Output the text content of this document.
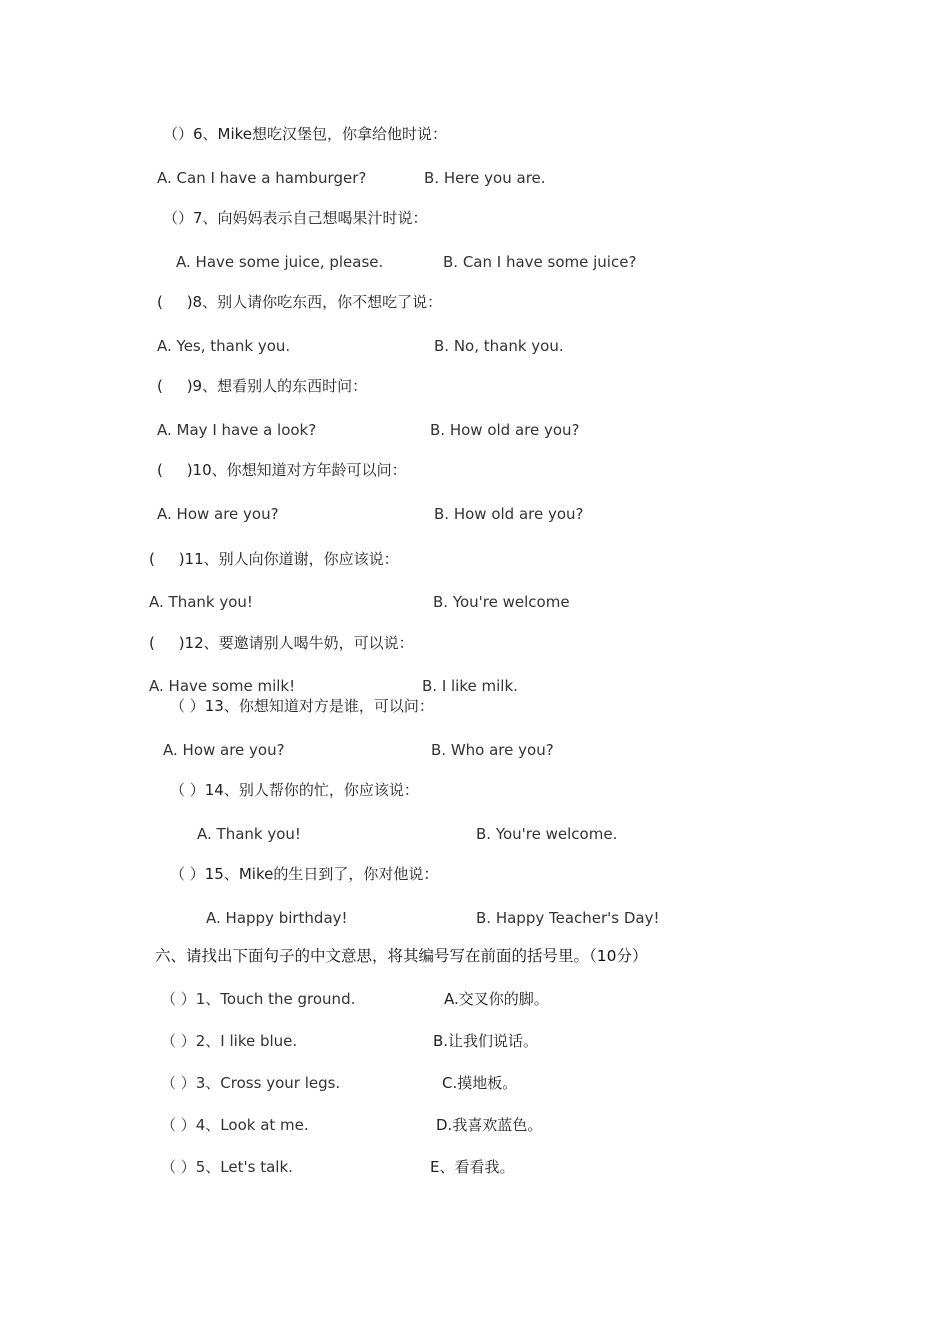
（）6、Mike想吃汉堡包，你拿给他时说：
A. Can I have a hamburger?	B. Here you are.
（）7、向妈妈表示自己想喝果汁时说：
A. Have some juice, please.	B. Can I have some juice?
(     )8、别人请你吃东西，你不想吃了说：
A. Yes, thank you.	B. No, thank you.
(     )9、想看别人的东西时问：
A. May I have a look?	B. How old are you?
(     )10、你想知道对方年龄可以问：
A. How are you?	B. How old are you?
(     )11、别人向你道谢，你应该说：
A. Thank you!	B. You're welcome
(     )12、要邀请别人喝牛奶，可以说：
A. Have some milk!	B. I like milk.
（ ）13、你想知道对方是谁，可以问：
A. How are you?	B. Who are you?
（ ）14、别人帮你的忙，你应该说：
A. Thank you!	B. You're welcome.
（ ）15、Mike的生日到了，你对他说：
A. Happy birthday!	B. Happy Teacher's Day!
六、请找出下面句子的中文意思，将其编号写在前面的括号里。（10分）
（ ）1、Touch the ground.	A.交叉你的脚。
（ ）2、I like blue.	B.让我们说话。
（ ）3、Cross your legs.	C.摸地板。
（ ）4、Look at me.	D.我喜欢蓝色。
（ ）5、Let's talk.	E、看看我。
